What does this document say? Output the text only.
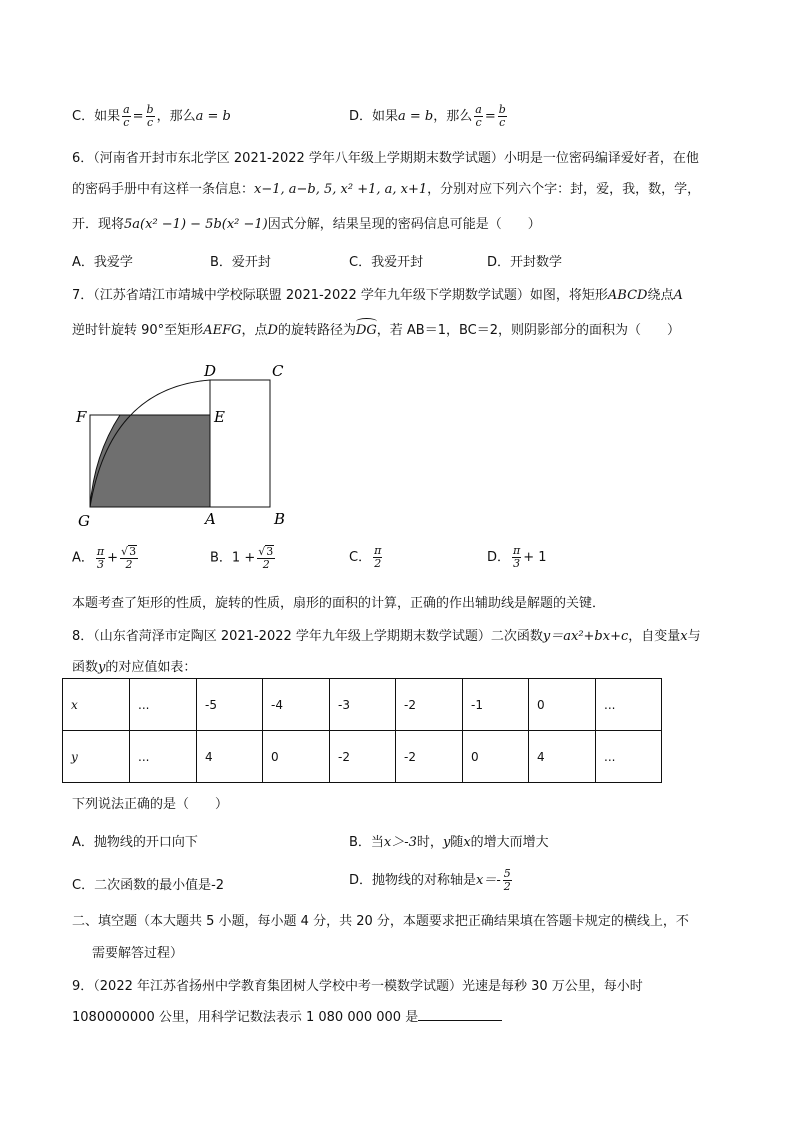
C．如果 $\frac{a}{c} = \frac{b}{c}$ ，那么a = b	D．如果a = b，那么 $\frac{a}{c} = \frac{b}{c}$
6．（河南省开封市东北学区 2021-2022 学年八年级上学期期末数学试题）小明是一位密码编译爱好者，在他
的密码手册中有这样一条信息：x−1, a−b, 5, x² +1, a, x+1，分别对应下列六个字：封，爱，我，数，学，
开．现将5a(x² −1) − 5b(x² −1)因式分解，结果呈现的密码信息可能是（　　）
A．我爱学	B．爱开封	C．我爱开封	D．开封数学
7．（江苏省靖江市靖城中学校际联盟 2021-2022 学年九年级下学期数学试题）如图，将矩形ABCD绕点A
逆时针旋转 90°至矩形AEFG，点D的旋转路径为DG
，若 AB＝1，BC＝2，则阴影部分的面积为（　　）
D	C
F	E
G	A	B
A． $\frac{\pi}{3} + \frac{√3}{2}$	B．$1 + \frac{√3}{2}$	C． $\frac{\pi}{2}$	D． $\frac{\pi}{3} + 1$
本题考查了矩形的性质，旋转的性质，扇形的面积的计算，正确的作出辅助线是解题的关键．
8．（山东省菏泽市定陶区 2021-2022 学年九年级上学期期末数学试题）二次函数y＝ax²+bx+c，自变量x与
函数y的对应值如表：
x	...	-5	-4	-3	-2	-1	0	...
y	...	4	0	-2	-2	0	4	...
下列说法正确的是（　　）
A．抛物线的开口向下	B．当x＞-3时，y随x的增大而增大
C．二次函数的最小值是-2	D．抛物线的对称轴是$x=- \frac{5}{2}$
二、填空题（本大题共 5 小题，每小题 4 分，共 20 分，本题要求把正确结果填在答题卡规定的横线上，不
需要解答过程）
9．（2022 年江苏省扬州中学教育集团树人学校中考一模数学试题）光速是每秒 30 万公里，每小时
1080000000 公里，用科学记数法表示 1 080 000 000 是
